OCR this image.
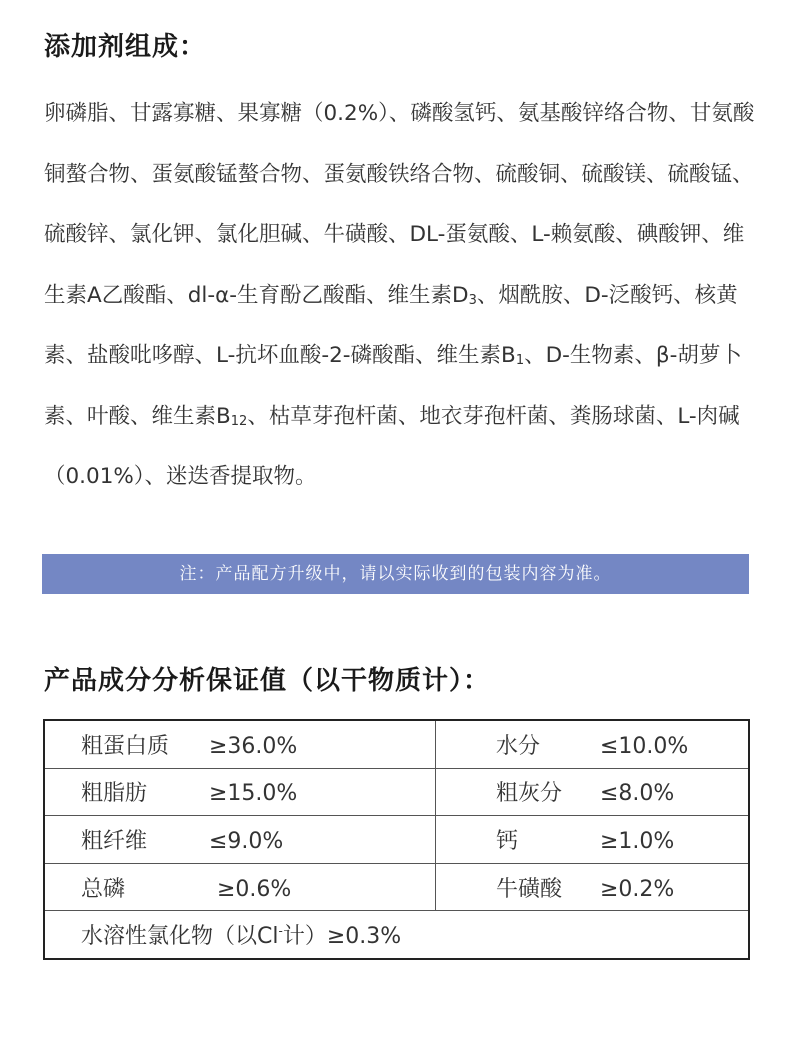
添加剂组成：

卵磷脂、甘露寡糖、果寡糖（0.2%）、磷酸氢钙、氨基酸锌络合物、甘氨酸铜螯合物、蛋氨酸锰螯合物、蛋氨酸铁络合物、硫酸铜、硫酸镁、硫酸锰、硫酸锌、氯化钾、氯化胆碱、牛磺酸、DL-蛋氨酸、L-赖氨酸、碘酸钾、维生素A乙酸酯、dl-α-生育酚乙酸酯、维生素$D_3$、烟酰胺、D-泛酸钙、核黄素、盐酸吡哆醇、L-抗坏血酸-2-磷酸酯、维生素$B_1$、D-生物素、β-胡萝卜素、叶酸、维生素$B_{12}$、枯草芽孢杆菌、地衣芽孢杆菌、粪肠球菌、L-肉碱（0.01%）、迷迭香提取物。

注：产品配方升级中，请以实际收到的包装内容为准。
产品成分分析保证值（以干物质计）：
粗蛋白质 ≥36.0%	水分 ≤10.0%
粗脂肪 ≥15.0%	粗灰分 ≤8.0%
粗纤维 ≤9.0%	钙 ≥1.0%
总磷 ≥0.6%	牛磺酸 ≥0.2%
水溶性氯化物（以Cl-计）≥0.3%	
